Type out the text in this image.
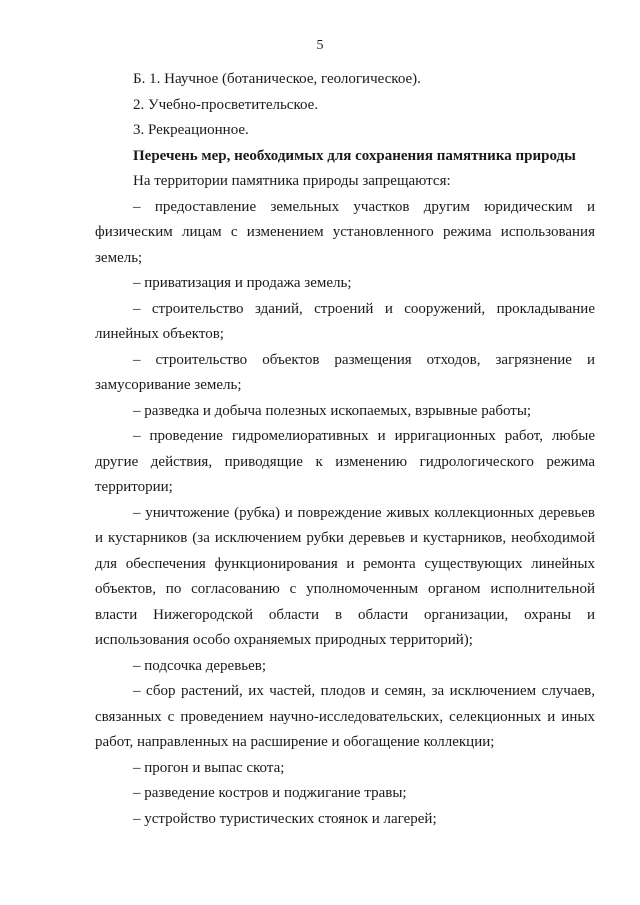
5

Б. 1. Научное (ботаническое, геологическое).

2. Учебно-просветительское.

3. Рекреационное.

Перечень мер, необходимых для сохранения памятника природы

На территории памятника природы запрещаются:

– предоставление земельных участков другим юридическим и физическим лицам с изменением установленного режима использования земель;

– приватизация и продажа земель;

– строительство зданий, строений и сооружений, прокладывание линейных объектов;

– строительство объектов размещения отходов, загрязнение и замусоривание земель;

– разведка и добыча полезных ископаемых, взрывные работы;

– проведение гидромелиоративных и ирригационных работ, любые другие действия, приводящие к изменению гидрологического режима территории;

– уничтожение (рубка) и повреждение живых коллекционных деревьев и кустарников (за исключением рубки деревьев и кустарников, необходимой для обеспечения функционирования и ремонта существующих линейных объектов, по согласованию с уполномоченным органом исполнительной власти Нижегородской области в области организации, охраны и использования особо охраняемых природных территорий);

– подсочка деревьев;

– сбор растений, их частей, плодов и семян, за исключением случаев, связанных с проведением научно-исследовательских, селекционных и иных работ, направленных на расширение и обогащение коллекции;

– прогон и выпас скота;

– разведение костров и поджигание травы;

– устройство туристических стоянок и лагерей;
